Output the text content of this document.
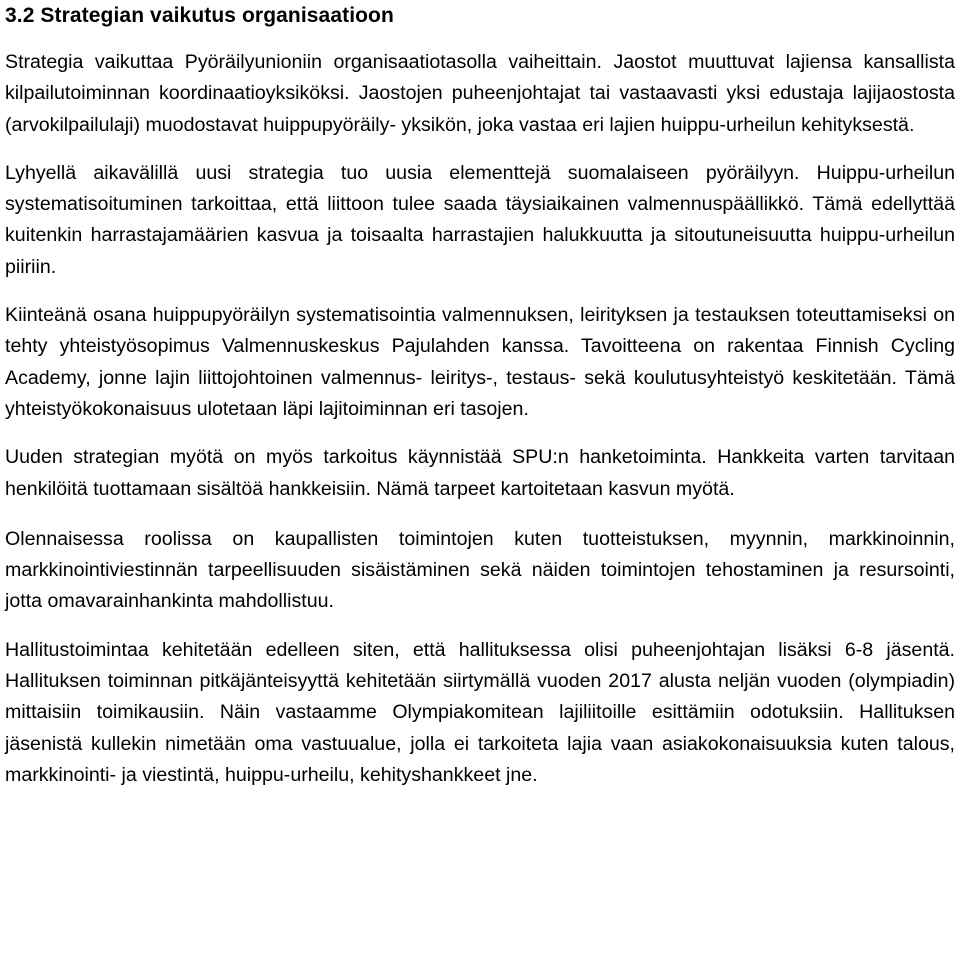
3.2 Strategian vaikutus organisaatioon

Strategia vaikuttaa Pyöräilyunioniin organisaatiotasolla vaiheittain. Jaostot muuttuvat lajiensa kansallista kilpailutoiminnan koordinaatioyksiköksi. Jaostojen puheenjohtajat tai vastaavasti yksi edustaja lajijaostosta (arvokilpailulaji) muodostavat huippupyöräily- yksikön, joka vastaa eri lajien huippu-urheilun kehityksestä.

Lyhyellä aikavälillä uusi strategia tuo uusia elementtejä suomalaiseen pyöräilyyn. Huippu-urheilun systematisoituminen tarkoittaa, että liittoon tulee saada täysiaikainen valmennuspäällikkö. Tämä edellyttää kuitenkin harrastajamäärien kasvua ja toisaalta harrastajien halukkuutta ja sitoutuneisuutta huippu-urheilun piiriin.

Kiinteänä osana huippupyöräilyn systematisointia valmennuksen, leirityksen ja testauksen toteuttamiseksi on tehty yhteistyösopimus Valmennuskeskus Pajulahden kanssa. Tavoitteena on rakentaa Finnish Cycling Academy, jonne lajin liittojohtoinen valmennus- leiritys-, testaus- sekä koulutusyhteistyö keskitetään. Tämä yhteistyökokonaisuus ulotetaan läpi lajitoiminnan eri tasojen.

Uuden strategian myötä on myös tarkoitus käynnistää SPU:n hanketoiminta. Hankkeita varten tarvitaan henkilöitä tuottamaan sisältöä hankkeisiin. Nämä tarpeet kartoitetaan kasvun myötä.

Olennaisessa roolissa on kaupallisten toimintojen kuten tuotteistuksen, myynnin, markkinoinnin, markkinointiviestinnän tarpeellisuuden sisäistäminen sekä näiden toimintojen tehostaminen ja resursointi, jotta omavarainhankinta mahdollistuu.

Hallitustoimintaa kehitetään edelleen siten, että hallituksessa olisi puheenjohtajan lisäksi 6-8 jäsentä. Hallituksen toiminnan pitkäjänteisyyttä kehitetään siirtymällä vuoden 2017 alusta neljän vuoden (olympiadin) mittaisiin toimikausiin. Näin vastaamme Olympiakomitean lajiliitoille esittämiin odotuksiin. Hallituksen jäsenistä kullekin nimetään oma vastuualue, jolla ei tarkoiteta lajia vaan asiakokonaisuuksia kuten talous, markkinointi- ja viestintä, huippu-urheilu, kehityshankkeet jne.
